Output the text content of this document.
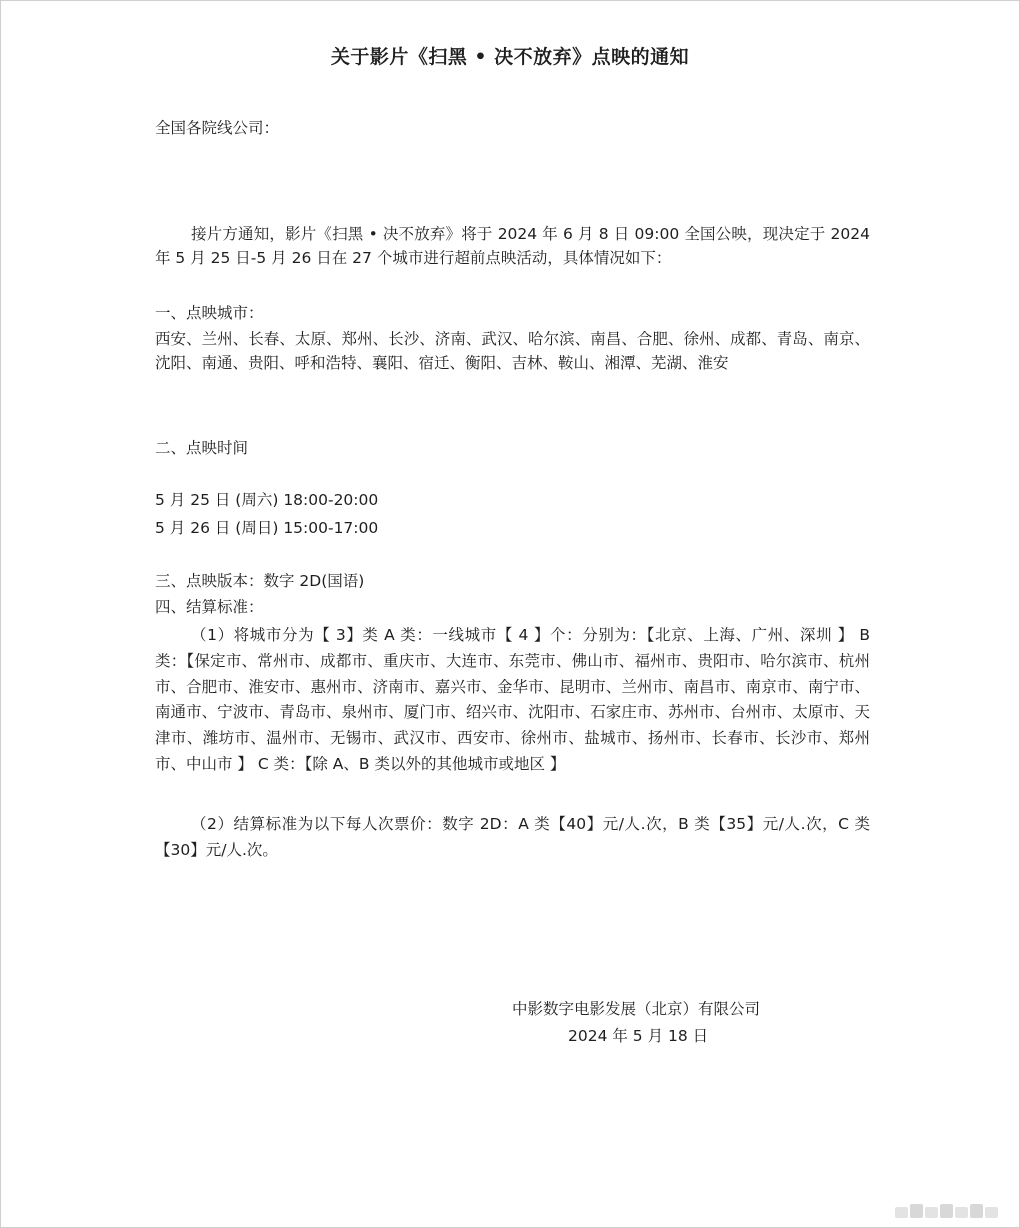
关于影片《扫黑 • 决不放弃》点映的通知
全国各院线公司：
接片方通知，影片《扫黑 • 决不放弃》将于 2024 年 6 月 8 日 09:00 全国公映，现决定于 2024 年 5 月 25 日-5 月 26 日在 27 个城市进行超前点映活动，具体情况如下：
一、点映城市：
西安、兰州、长春、太原、郑州、长沙、济南、武汉、哈尔滨、南昌、合肥、徐州、成都、青岛、南京、沈阳、南通、贵阳、呼和浩特、襄阳、宿迁、衡阳、吉林、鞍山、湘潭、芜湖、淮安
二、点映时间
5 月 25 日 (周六) 18:00-20:00
5 月 26 日 (周日) 15:00-17:00
三、点映版本：数字 2D(国语)
四、结算标准：
（1）将城市分为【 3】类 A 类：一线城市【 4 】个：分别为：【北京、上海、广州、深圳 】 B 类：【保定市、常州市、成都市、重庆市、大连市、东莞市、佛山市、福州市、贵阳市、哈尔滨市、杭州市、合肥市、淮安市、惠州市、济南市、嘉兴市、金华市、昆明市、兰州市、南昌市、南京市、南宁市、南通市、宁波市、青岛市、泉州市、厦门市、绍兴市、沈阳市、石家庄市、苏州市、台州市、太原市、天津市、潍坊市、温州市、无锡市、武汉市、西安市、徐州市、盐城市、扬州市、长春市、长沙市、郑州市、中山市 】 C 类：【除 A、B 类以外的其他城市或地区 】
（2）结算标准为以下每人次票价：数字 2D：A 类【40】元/人.次，B 类【35】元/人.次，C 类【30】元/人.次。
中影数字电影发展（北京）有限公司
2024 年 5 月 18 日
